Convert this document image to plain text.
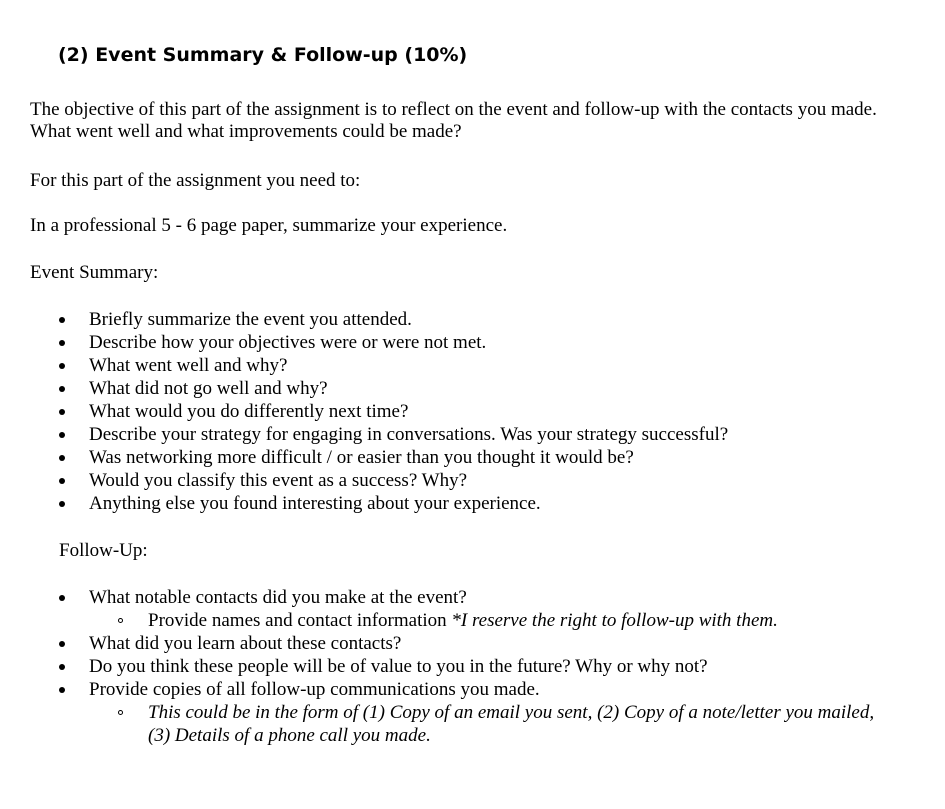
(2) Event Summary & Follow-up (10%)
The objective of this part of the assignment is to reflect on the event and follow-up with the contacts you made.
What went well and what improvements could be made?
For this part of the assignment you need to:
In a professional 5 - 6 page paper, summarize your experience.
Event Summary:
Briefly summarize the event you attended.
Describe how your objectives were or were not met.
What went well and why?
What did not go well and why?
What would you do differently next time?
Describe your strategy for engaging in conversations. Was your strategy successful?
Was networking more difficult / or easier than you thought it would be?
Would you classify this event as a success? Why?
Anything else you found interesting about your experience.
Follow-Up:
What notable contacts did you make at the event?
Provide names and contact information *I reserve the right to follow-up with them.
What did you learn about these contacts?
Do you think these people will be of value to you in the future? Why or why not?
Provide copies of all follow-up communications you made.
This could be in the form of (1) Copy of an email you sent, (2) Copy of a note/letter you mailed,
(3) Details of a phone call you made.
